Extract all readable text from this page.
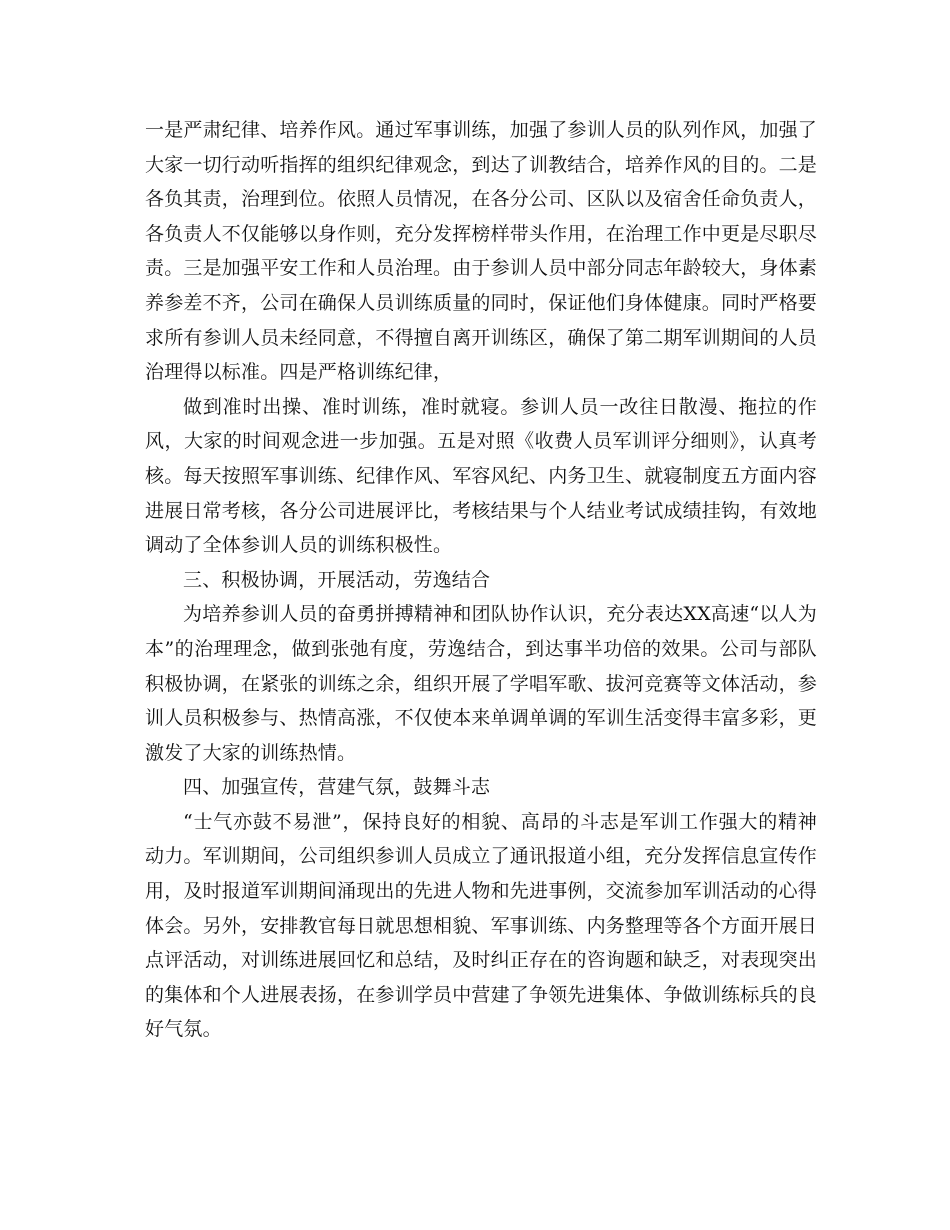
一是严肃纪律、培养作风。通过军事训练，加强了参训人员的队列作风，加强了大家一切行动听指挥的组织纪律观念，到达了训教结合，培养作风的目的。二是各负其责，治理到位。依照人员情况，在各分公司、区队以及宿舍任命负责人，各负责人不仅能够以身作则，充分发挥榜样带头作用，在治理工作中更是尽职尽责。三是加强平安工作和人员治理。由于参训人员中部分同志年龄较大，身体素养参差不齐，公司在确保人员训练质量的同时，保证他们身体健康。同时严格要求所有参训人员未经同意，不得擅自离开训练区，确保了第二期军训期间的人员治理得以标准。四是严格训练纪律，

做到准时出操、准时训练，准时就寝。参训人员一改往日散漫、拖拉的作风，大家的时间观念进一步加强。五是对照《收费人员军训评分细则》，认真考核。每天按照军事训练、纪律作风、军容风纪、内务卫生、就寝制度五方面内容进展日常考核，各分公司进展评比，考核结果与个人结业考试成绩挂钩，有效地调动了全体参训人员的训练积极性。

三、积极协调，开展活动，劳逸结合

为培养参训人员的奋勇拼搏精神和团队协作认识，充分表达XX高速“以人为本”的治理理念，做到张弛有度，劳逸结合，到达事半功倍的效果。公司与部队积极协调，在紧张的训练之余，组织开展了学唱军歌、拔河竞赛等文体活动，参训人员积极参与、热情高涨，不仅使本来单调单调的军训生活变得丰富多彩，更激发了大家的训练热情。

四、加强宣传，营建气氛，鼓舞斗志

“士气亦鼓不易泄”，保持良好的相貌、高昂的斗志是军训工作强大的精神动力。军训期间，公司组织参训人员成立了通讯报道小组，充分发挥信息宣传作用，及时报道军训期间涌现出的先进人物和先进事例，交流参加军训活动的心得体会。另外，安排教官每日就思想相貌、军事训练、内务整理等各个方面开展日点评活动，对训练进展回忆和总结，及时纠正存在的咨询题和缺乏，对表现突出的集体和个人进展表扬，在参训学员中营建了争领先进集体、争做训练标兵的良好气氛。
